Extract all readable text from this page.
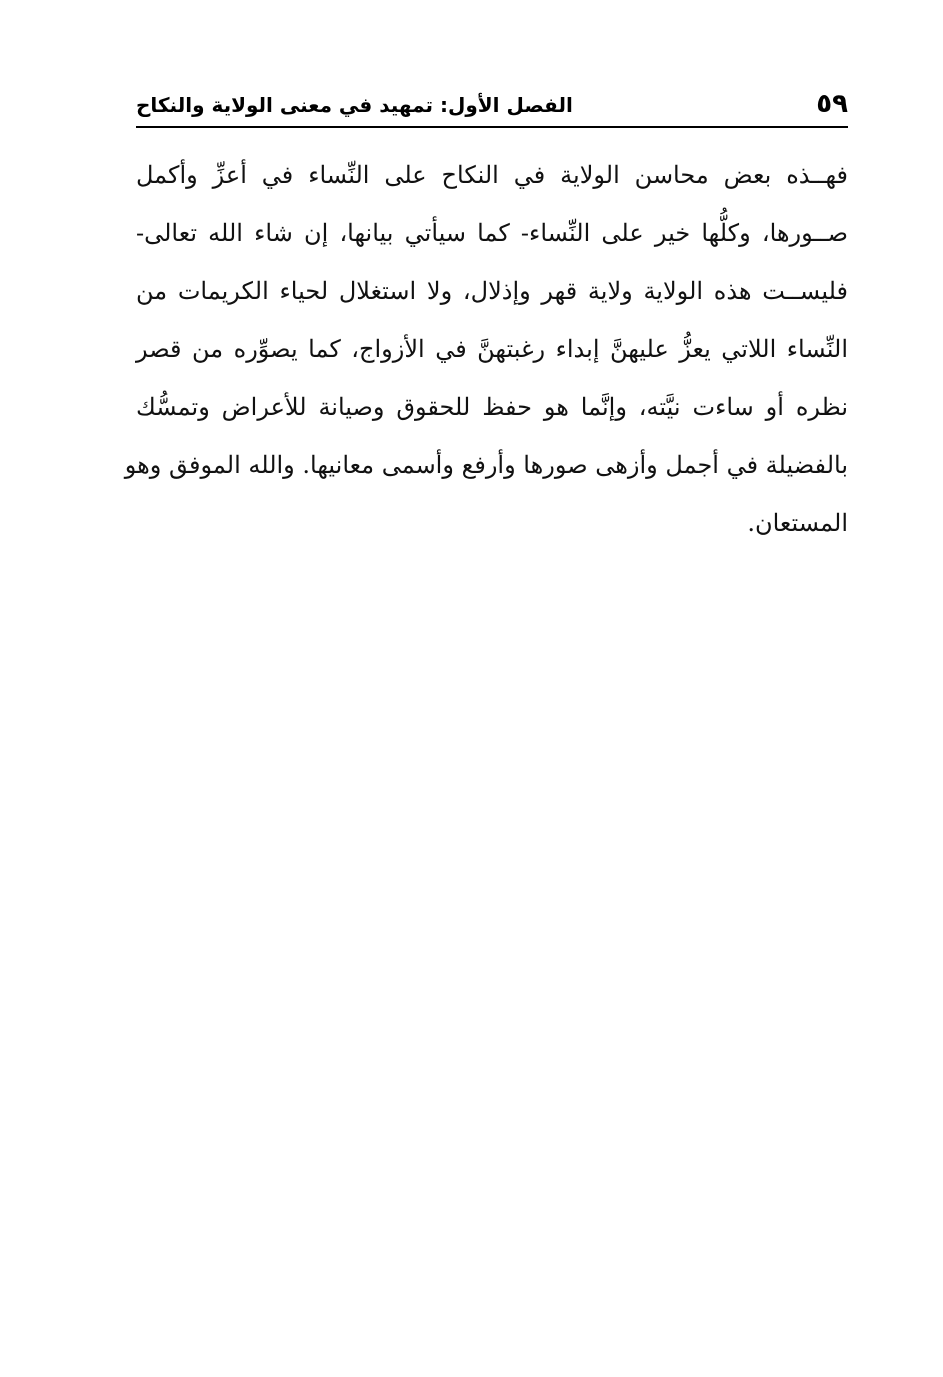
٥٩
الفصل الأول: تمهيد في معنى الولاية والنكاح
فهــذه بعض محاسن الولاية في النكاح على النِّساء في أعزِّ وأكمل
صــورها، وكلُّها خير على النِّساء- كما سيأتي بيانها، إن شاء الله تعالى-
فليســت هذه الولاية ولاية قهر وإذلال، ولا استغلال لحياء الكريمات من
النِّساء اللاتي يعزُّ عليهنَّ إبداء رغبتهنَّ في الأزواج، كما يصوِّره من قصر
نظره أو ساءت نيَّته، وإنَّما هو حفظ للحقوق وصيانة للأعراض وتمسُّك
بالفضيلة في أجمل وأزهى صورها وأرفع وأسمى معانيها. والله الموفق وهو
المستعان.
